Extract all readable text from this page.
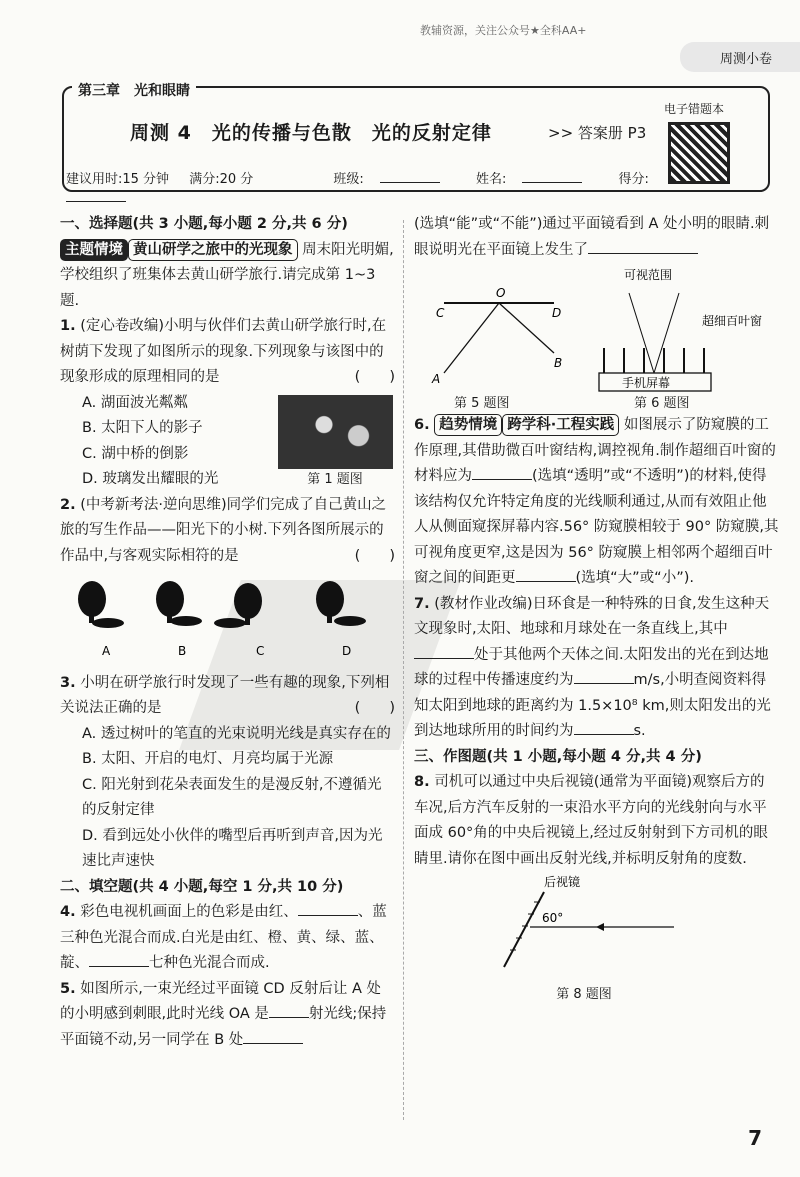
教辅资源，关注公众号★全科AA+
周测小卷
第三章　光和眼睛
周测 4　光的传播与色散　光的反射定律	>> 答案册 P3
电子错题本
建议用时:15 分钟 满分:20 分	班级:	姓名:	得分:
一、选择题(共 3 小题,每小题 2 分,共 6 分)
主题情境 黄山研学之旅中的光现象 周末阳光明媚,学校组织了班集体去黄山研学旅行.请完成第 1~3 题.
1. (定心卷改编)小明与伙伴们去黄山研学旅行时,在树荫下发现了如图所示的现象.下列现象与该图中的现象形成的原理相同的是	(　　)
A. 湖面波光粼粼
B. 太阳下人的影子
C. 湖中桥的倒影
D. 玻璃发出耀眼的光	第 1 题图
2. (中考新考法·逆向思维)同学们完成了自己黄山之旅的写生作品——阳光下的小树.下列各图所展示的作品中,与客观实际相符的是	(　　)
A	B	C	D
3. 小明在研学旅行时发现了一些有趣的现象,下列相关说法正确的是	(　　)
A. 透过树叶的笔直的光束说明光线是真实存在的
B. 太阳、开启的电灯、月亮均属于光源
C. 阳光射到花朵表面发生的是漫反射,不遵循光的反射定律
D. 看到远处小伙伴的嘴型后再听到声音,因为光速比声速快
二、填空题(共 4 小题,每空 1 分,共 10 分)
4. 彩色电视机画面上的色彩是由红、	、蓝三种色光混合而成.白光是由红、橙、黄、绿、蓝、靛、	七种色光混合而成.
5. 如图所示,一束光经过平面镜 CD 反射后让 A 处的小明感到刺眼,此时光线 OA 是	射光线;保持平面镜不动,另一同学在 B 处
(选填“能”或“不能”)通过平面镜看到 A 处小明的眼睛.刺眼说明光在平面镜上发生了
O
C	D
A
B
第 5 题图
可视范围
超细百叶窗
手机屏幕
第 6 题图
6. 趋势情境 跨学科·工程实践 如图展示了防窥膜的工作原理,其借助微百叶窗结构,调控视角.制作超细百叶窗的材料应为	(选填“透明”或“不透明”)的材料,使得该结构仅允许特定角度的光线顺利通过,从而有效阻止他人从侧面窥探屏幕内容.56° 防窥膜相较于 90° 防窥膜,其可视角度更窄,这是因为 56° 防窥膜上相邻两个超细百叶窗之间的间距更	(选填“大”或“小”).
7. (教材作业改编)日环食是一种特殊的日食,发生这种天文现象时,太阳、地球和月球处在一条直线上,其中处于其他两个天体之间.太阳发出的光在到达地球的过程中传播速度约为	m/s,小明查阅资料得知太阳到地球的距离约为 1.5×10⁸ km,则太阳发出的光到达地球所用的时间约为	s.
三、作图题(共 1 小题,每小题 4 分,共 4 分)
8. 司机可以通过中央后视镜(通常为平面镜)观察后方的车况,后方汽车反射的一束沿水平方向的光线射向与水平面成 60°角的中央后视镜上,经过反射射到下方司机的眼睛里.请你在图中画出反射光线,并标明反射角的度数.
后视镜
60°
第 8 题图
7
